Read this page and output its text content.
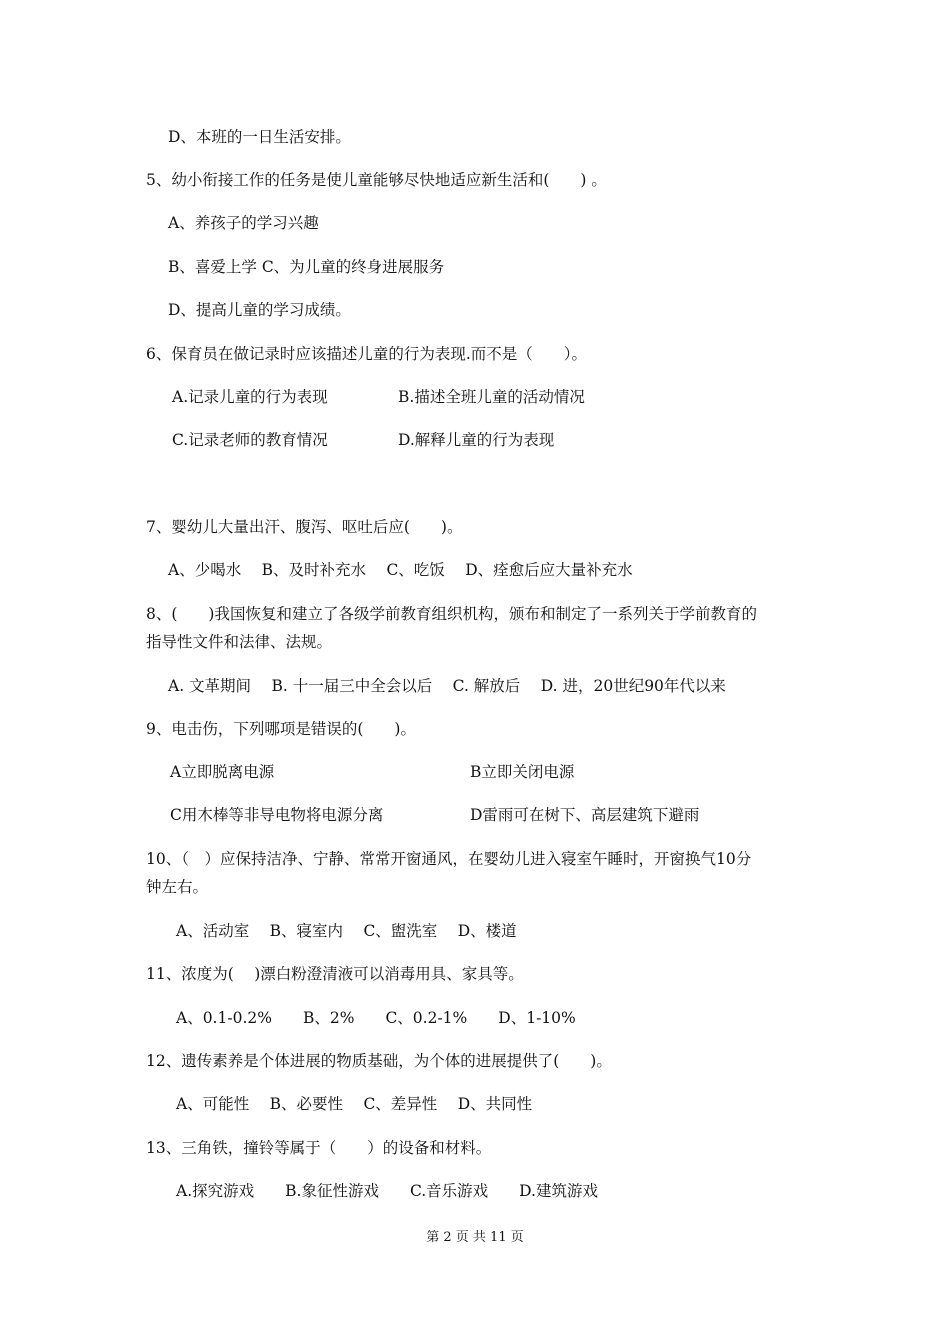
D、本班的一日生活安排。
5、幼小衔接工作的任务是使儿童能够尽快地适应新生活和(　　) 。
A、养孩子的学习兴趣
B、喜爱上学 C、为儿童的终身进展服务
D、提高儿童的学习成绩。
6、保育员在做记录时应该描述儿童的行为表现.而不是（　　）。
A.记录儿童的行为表现	B.描述全班儿童的活动情况
C.记录老师的教育情况	D.解释儿童的行为表现
7、婴幼儿大量出汗、腹泻、呕吐后应(　　)。
A、少喝水　 B、及时补充水　 C、吃饭　 D、痊愈后应大量补充水
8、(　　)我国恢复和建立了各级学前教育组织机构，颁布和制定了一系列关于学前教育的
指导性文件和法律、法规。
A. 文革期间　 B. 十一届三中全会以后　 C. 解放后　 D. 进，20世纪90年代以来
9、电击伤，下列哪项是错误的(　　)。
A立即脱离电源	B立即关闭电源
C用木棒等非导电物将电源分离	D雷雨可在树下、高层建筑下避雨
10、（　）应保持洁净、宁静、常常开窗通风，在婴幼儿进入寝室午睡时，开窗换气10分
钟左右。
A、活动室　 B、寝室内　 C、盥洗室　 D、楼道
11、浓度为(　 )漂白粉澄清液可以消毒用具、家具等。
A、0.1-0.2%　　B、2%　　C、0.2-1%　　D、1-10%
12、遗传素养是个体进展的物质基础，为个体的进展提供了(　　)。
A、可能性　 B、必要性　 C、差异性　 D、共同性
13、三角铁，撞铃等属于（　　）的设备和材料。
A.探究游戏　　B.象征性游戏　　C.音乐游戏　　D.建筑游戏
第 2 页 共 11 页
